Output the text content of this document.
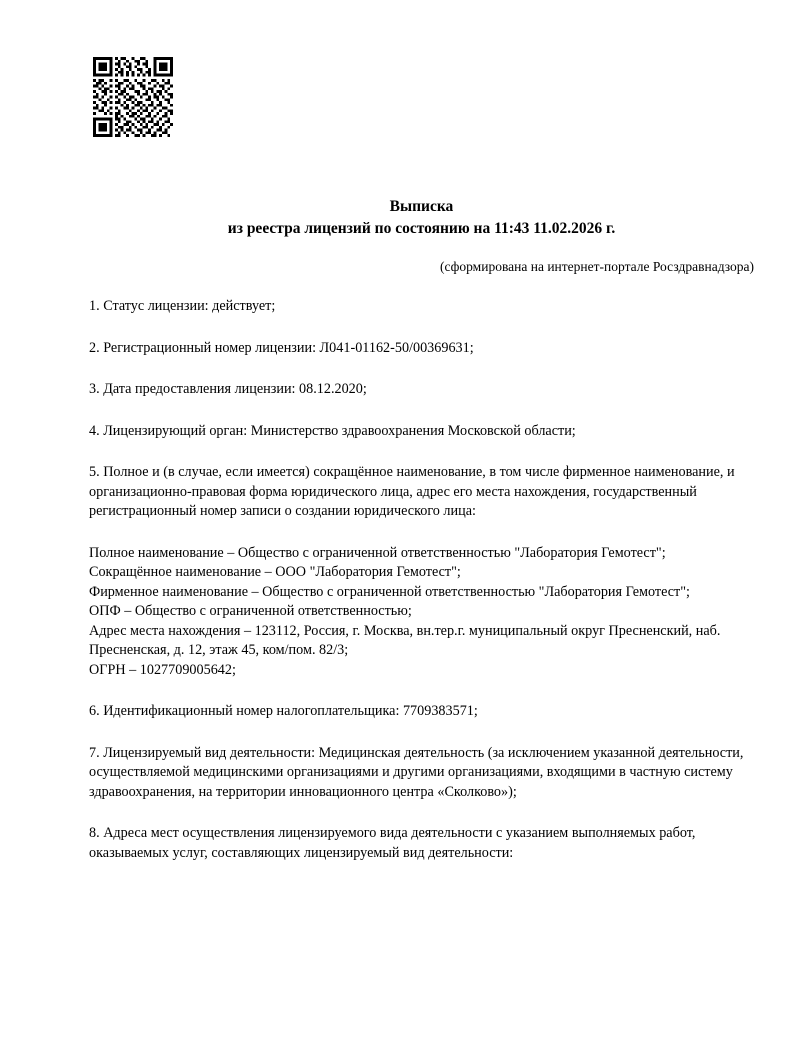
Выписка
из реестра лицензий по состоянию на 11:43 11.02.2026 г.
(сформирована на интернет-портале Росздравнадзора)
1. Статус лицензии: действует;
2. Регистрационный номер лицензии: Л041-01162-50/00369631;
3. Дата предоставления лицензии: 08.12.2020;
4. Лицензирующий орган: Министерство здравоохранения Московской области;
5. Полное и (в случае, если имеется) сокращённое наименование, в том числе фирменное наименование, и организационно-правовая форма юридического лица, адрес его места нахождения, государственный регистрационный номер записи о создании юридического лица:
Полное наименование – Общество с ограниченной ответственностью "Лаборатория Гемотест";
Сокращённое наименование – ООО "Лаборатория Гемотест";
Фирменное наименование – Общество с ограниченной ответственностью "Лаборатория Гемотест";
ОПФ – Общество с ограниченной ответственностью;
Адрес места нахождения – 123112, Россия, г. Москва, вн.тер.г. муниципальный округ Пресненский, наб. Пресненская, д. 12, этаж 45, ком/пом. 82/3;
ОГРН – 1027709005642;
6. Идентификационный номер налогоплательщика: 7709383571;
7. Лицензируемый вид деятельности: Медицинская деятельность (за исключением указанной деятельности, осуществляемой медицинскими организациями и другими организациями, входящими в частную систему здравоохранения, на территории инновационного центра «Сколково»);
8. Адреса мест осуществления лицензируемого вида деятельности с указанием выполняемых работ, оказываемых услуг, составляющих лицензируемый вид деятельности:
